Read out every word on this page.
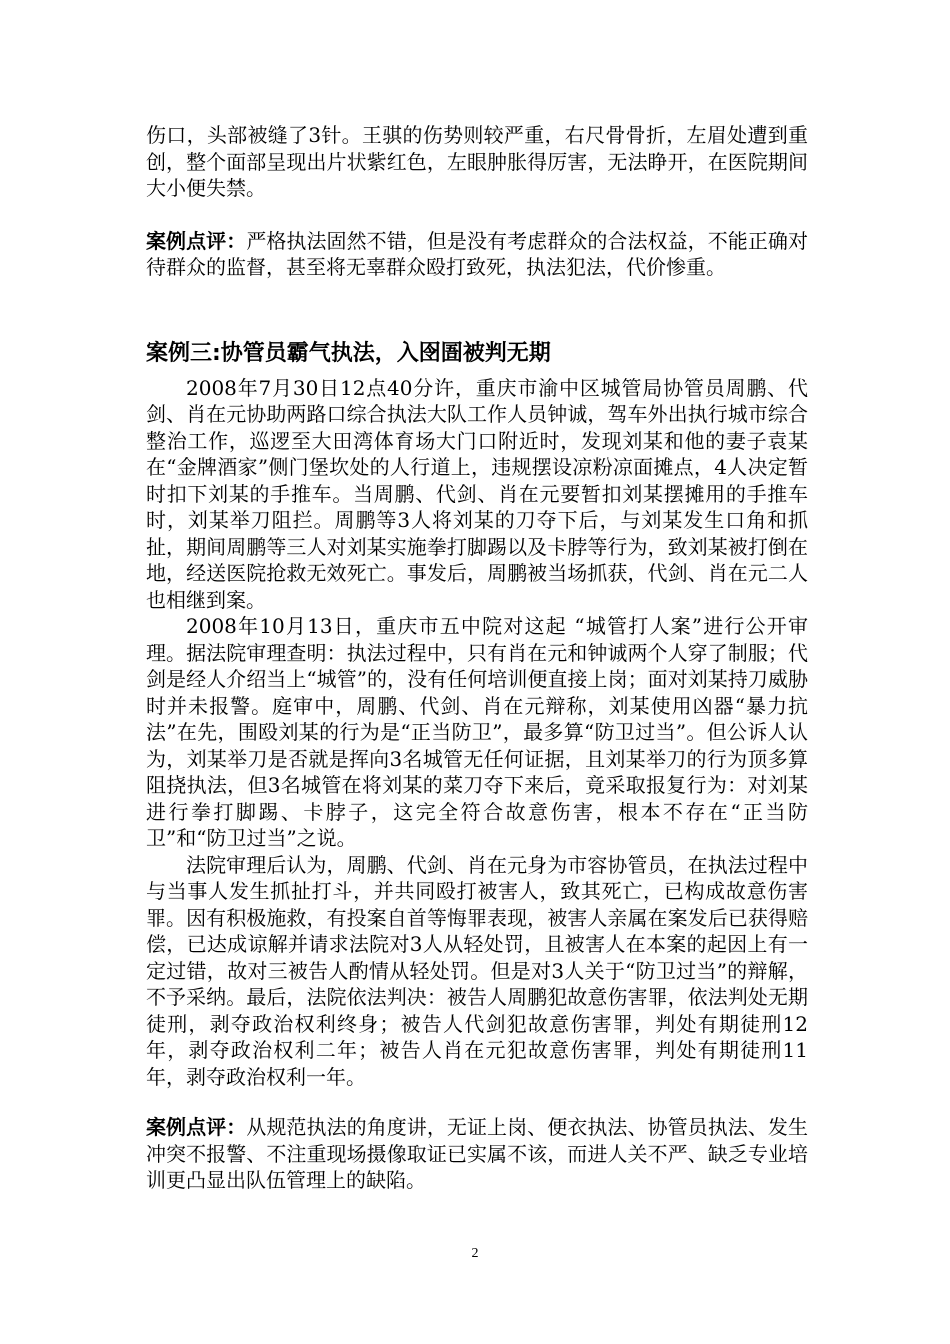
伤口，头部被缝了3针。王骐的伤势则较严重，右尺骨骨折，左眉处遭到重创，整个面部呈现出片状紫红色，左眼肿胀得厉害，无法睁开，在医院期间大小便失禁。

案例点评：严格执法固然不错，但是没有考虑群众的合法权益，不能正确对待群众的监督，甚至将无辜群众殴打致死，执法犯法，代价惨重。

案例三:协管员霸气执法，入囹圄被判无期

2008年7月30日12点40分许，重庆市渝中区城管局协管员周鹏、代剑、肖在元协助两路口综合执法大队工作人员钟诚，驾车外出执行城市综合整治工作，巡逻至大田湾体育场大门口附近时，发现刘某和他的妻子袁某在“金牌酒家”侧门堡坎处的人行道上，违规摆设凉粉凉面摊点，4人决定暂时扣下刘某的手推车。当周鹏、代剑、肖在元要暂扣刘某摆摊用的手推车时，刘某举刀阻拦。周鹏等3人将刘某的刀夺下后，与刘某发生口角和抓扯，期间周鹏等三人对刘某实施拳打脚踢以及卡脖等行为，致刘某被打倒在地，经送医院抢救无效死亡。事发后，周鹏被当场抓获，代剑、肖在元二人也相继到案。

2008年10月13日，重庆市五中院对这起 “城管打人案”进行公开审理。据法院审理查明：执法过程中，只有肖在元和钟诚两个人穿了制服；代剑是经人介绍当上“城管”的，没有任何培训便直接上岗；面对刘某持刀威胁时并未报警。庭审中，周鹏、代剑、肖在元辩称，刘某使用凶器“暴力抗法”在先，围殴刘某的行为是“正当防卫”，最多算“防卫过当”。但公诉人认为，刘某举刀是否就是挥向3名城管无任何证据，且刘某举刀的行为顶多算阻挠执法，但3名城管在将刘某的菜刀夺下来后，竟采取报复行为：对刘某进行拳打脚踢、卡脖子，这完全符合故意伤害，根本不存在“正当防卫”和“防卫过当”之说。

法院审理后认为，周鹏、代剑、肖在元身为市容协管员，在执法过程中与当事人发生抓扯打斗，并共同殴打被害人，致其死亡，已构成故意伤害罪。因有积极施救，有投案自首等悔罪表现，被害人亲属在案发后已获得赔偿，已达成谅解并请求法院对3人从轻处罚，且被害人在本案的起因上有一定过错，故对三被告人酌情从轻处罚。但是对3人关于“防卫过当”的辩解，不予采纳。最后，法院依法判决：被告人周鹏犯故意伤害罪，依法判处无期徒刑，剥夺政治权利终身；被告人代剑犯故意伤害罪，判处有期徒刑12年，剥夺政治权利二年；被告人肖在元犯故意伤害罪，判处有期徒刑11年，剥夺政治权利一年。

案例点评：从规范执法的角度讲，无证上岗、便衣执法、协管员执法、发生冲突不报警、不注重现场摄像取证已实属不该，而进人关不严、缺乏专业培训更凸显出队伍管理上的缺陷。

2
